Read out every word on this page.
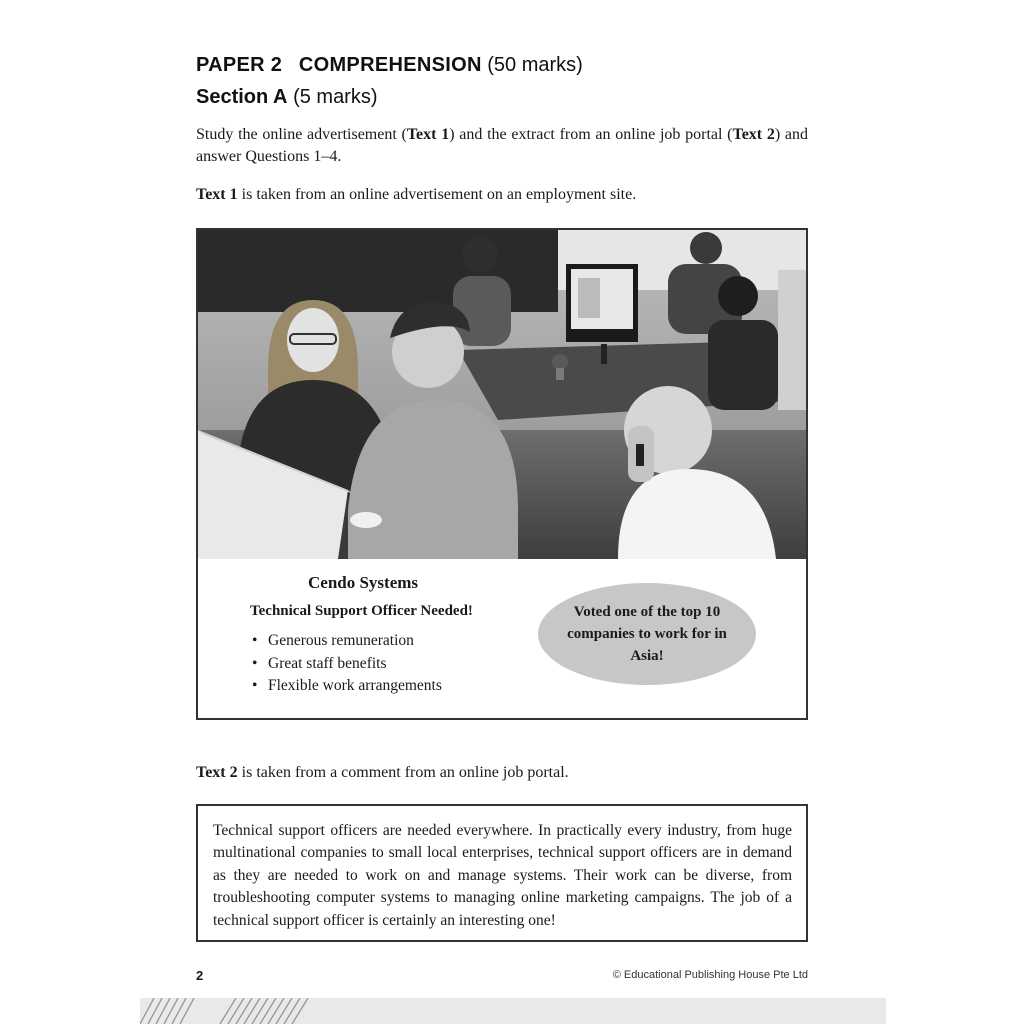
PAPER 2 COMPREHENSION (50 marks)
Section A (5 marks)
Study the online advertisement (Text 1) and the extract from an online job portal (Text 2) and answer Questions 1–4.
Text 1 is taken from an online advertisement on an employment site.
Cendo Systems
Technical Support Officer Needed!
• Generous remuneration
• Great staff benefits
• Flexible work arrangements
Voted one of the top 10 companies to work for in Asia!
Text 2 is taken from a comment from an online job portal.
Technical support officers are needed everywhere. In practically every industry, from huge multinational companies to small local enterprises, technical support officers are in demand as they are needed to work on and manage systems. Their work can be diverse, from troubleshooting computer systems to managing online marketing campaigns. The job of a technical support officer is certainly an interesting one!
2	© Educational Publishing House Pte Ltd
